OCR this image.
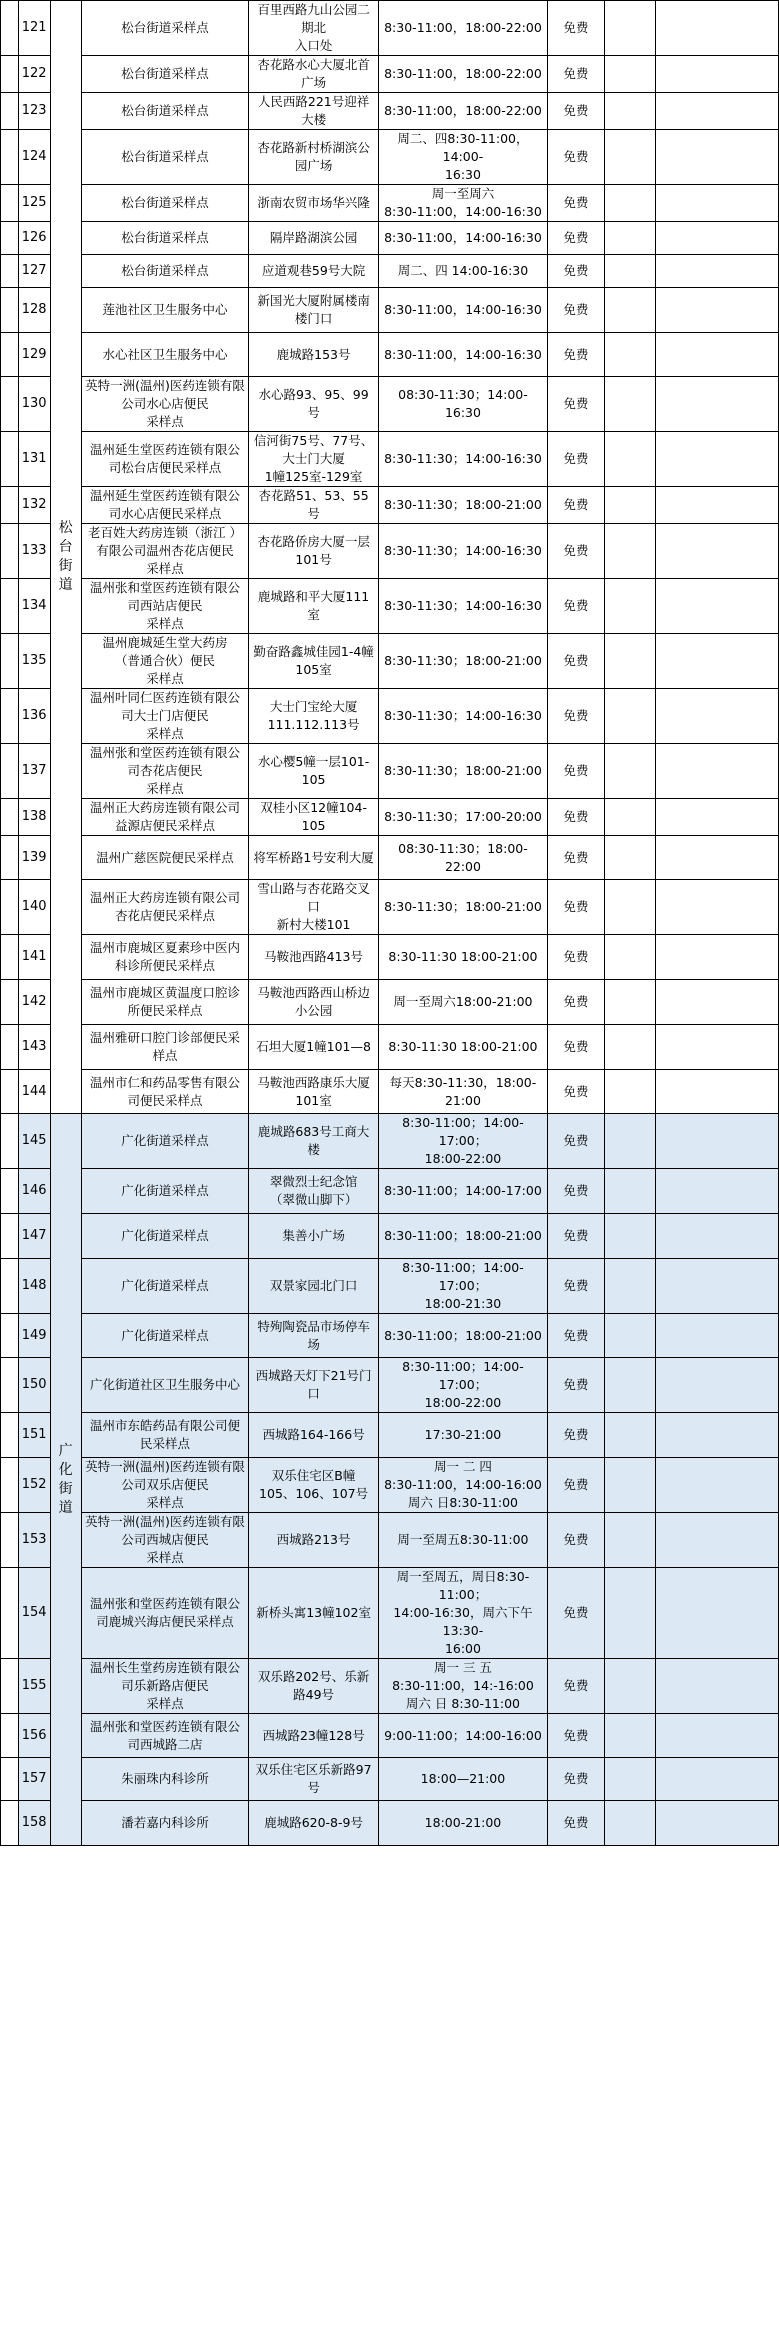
	121	松
台
街
道	松台街道采样点	百里西路九山公园二期北
入口处	8:30-11:00，18:00-22:00	免费		
	122		松台街道采样点	杏花路水心大厦北首广场	8:30-11:00，18:00-22:00	免费		
	123		松台街道采样点	人民西路221号迎祥大楼	8:30-11:00，18:00-22:00	免费		
	124		松台街道采样点	杏花路新村桥湖滨公园广场	周二、四8:30-11:00，14:00-
16:30	免费		
	125		松台街道采样点	浙南农贸市场华兴隆	周一至周六
8:30-11:00，14:00-16:30	免费		
	126		松台街道采样点	隔岸路湖滨公园	8:30-11:00，14:00-16:30	免费		
	127		松台街道采样点	应道观巷59号大院	周二、四 14:00-16:30	免费		
	128		莲池社区卫生服务中心	新国光大厦附属楼南楼门口	8:30-11:00，14:00-16:30	免费		
	129		水心社区卫生服务中心	鹿城路153号	8:30-11:00，14:00-16:30	免费		
	130		英特一洲(温州)医药连锁有限
公司水心店便民
采样点	水心路93、95、99号	08:30-11:30；14:00-16:30	免费		
	131		温州延生堂医药连锁有限公
司松台店便民采样点	信河街75号、77号、大士门大厦
1幢125室-129室	8:30-11:30；14:00-16:30	免费		
	132		温州延生堂医药连锁有限公
司水心店便民采样点	杏花路51、53、55号	8:30-11:30；18:00-21:00	免费		
	133		老百姓大药房连锁（浙江 ）
有限公司温州杏花店便民
采样点	杏花路侨房大厦一层101号	8:30-11:30；14:00-16:30	免费		
	134		温州张和堂医药连锁有限公
司西站店便民
采样点	鹿城路和平大厦111室	8:30-11:30；14:00-16:30	免费		
	135		温州鹿城延生堂大药房
（普通合伙）便民
采样点	勤奋路鑫城佳园1-4幢105室	8:30-11:30；18:00-21:00	免费		
	136		温州叶同仁医药连锁有限公
司大士门店便民
采样点	大士门宝纶大厦
111.112.113号	8:30-11:30；14:00-16:30	免费		
	137		温州张和堂医药连锁有限公
司杏花店便民
采样点	水心樱5幢一层101-105	8:30-11:30；18:00-21:00	免费		
	138		温州正大药房连锁有限公司
益源店便民采样点	双桂小区12幢104-105	8:30-11:30；17:00-20:00	免费		
	139		温州广慈医院便民采样点	将军桥路1号安利大厦	08:30-11:30；18:00-22:00	免费		
	140		温州正大药房连锁有限公司
杏花店便民采样点	雪山路与杏花路交叉口
新村大楼101	8:30-11:30；18:00-21:00	免费		
	141		温州市鹿城区夏素珍中医内
科诊所便民采样点	马鞍池西路413号	8:30-11:30 18:00-21:00	免费		
	142		温州市鹿城区黄温度口腔诊
所便民采样点	马鞍池西路西山桥边小公园	周一至周六18:00-21:00	免费		
	143		温州雅研口腔门诊部便民采
样点	石坦大厦1幢101—8	8:30-11:30 18:00-21:00	免费		
	144		温州市仁和药品零售有限公
司便民采样点	马鞍池西路康乐大厦101室	每天8:30-11:30，18:00-21:00	免费		
	145	广
化
街
道	广化街道采样点	鹿城路683号工商大楼	8:30-11:00；14:00-17:00；
18:00-22:00	免费		
	146		广化街道采样点	翠微烈士纪念馆
（翠微山脚下）	8:30-11:00；14:00-17:00	免费		
	147		广化街道采样点	集善小广场	8:30-11:00；18:00-21:00	免费		
	148		广化街道采样点	双景家园北门口	8:30-11:00；14:00-17:00；
18:00-21:30	免费		
	149		广化街道采样点	特殉陶瓷品市场停车场	8:30-11:00；18:00-21:00	免费		
	150		广化街道社区卫生服务中心	西城路天灯下21号门口	8:30-11:00；14:00-17:00；
18:00-22:00	免费		
	151		温州市东皓药品有限公司便
民采样点	西城路164-166号	17:30-21:00	免费		
	152		英特一洲(温州)医药连锁有限
公司双乐店便民
采样点	双乐住宅区B幢
105、106、107号	周一 二 四
8:30-11:00，14:00-16:00
周六 日8:30-11:00	免费		
	153		英特一洲(温州)医药连锁有限
公司西城店便民
采样点	西城路213号	周一至周五8:30-11:00	免费		
	154		温州张和堂医药连锁有限公
司鹿城兴海店便民采样点	新桥头寓13幢102室	周一至周五，周日8:30-11:00；
14:00-16:30，周六下午13:30-
16:00	免费		
	155		温州长生堂药房连锁有限公
司乐新路店便民
采样点	双乐路202号、乐新路49号	周一 三 五
8:30-11:00，14:-16:00
周六 日 8:30-11:00	免费		
	156		温州张和堂医药连锁有限公
司西城路二店	西城路23幢128号	9:00-11:00；14:00-16:00	免费		
	157		朱丽珠内科诊所	双乐住宅区乐新路97号	18:00—21:00	免费		
	158		潘若嘉内科诊所	鹿城路620-8-9号	18:00-21:00	免费		
